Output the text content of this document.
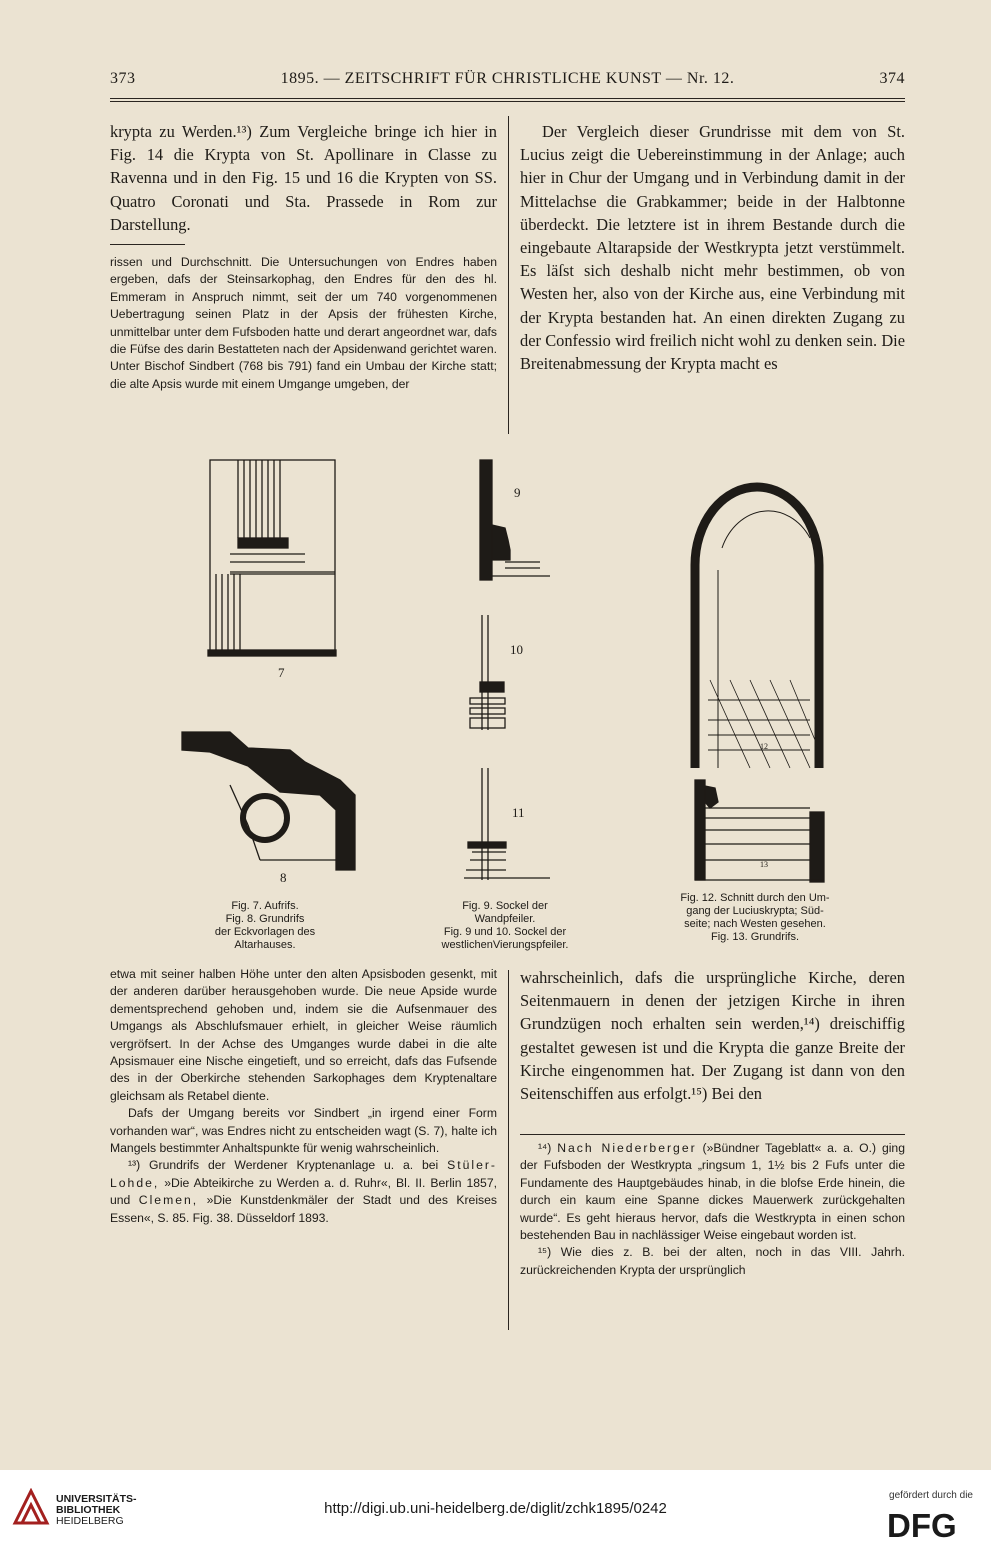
373	1895. — ZEITSCHRIFT FÜR CHRISTLICHE KUNST — Nr. 12.	374

krypta zu Werden.¹³) Zum Vergleiche bringe ich hier in Fig. 14 die Krypta von St. Apollinare in Classe zu Ravenna und in den Fig. 15 und 16 die Krypten von SS. Quatro Coronati und Sta. Prassede in Rom zur Darstellung.

rissen und Durchschnitt. Die Untersuchungen von Endres haben ergeben, dafs der Steinsarkophag, den Endres für den des hl. Emmeram in Anspruch nimmt, seit der um 740 vorgenommenen Uebertragung seinen Platz in der Apsis der frühesten Kirche, unmittelbar unter dem Fufsboden hatte und derart angeordnet war, dafs die Füfse des darin Bestatteten nach der Apsidenwand gerichtet waren. Unter Bischof Sindbert (768 bis 791) fand ein Umbau der Kirche statt; die alte Apsis wurde mit einem Umgange umgeben, der

Der Vergleich dieser Grundrisse mit dem von St. Lucius zeigt die Uebereinstimmung in der Anlage; auch hier in Chur der Umgang und in Verbindung damit in der Mittelachse die Grabkammer; beide in der Halbtonne überdeckt. Die letztere ist in ihrem Bestande durch die eingebaute Altarapside der Westkrypta jetzt verstümmelt. Es läſst sich deshalb nicht mehr bestimmen, ob von Westen her, also von der Kirche aus, eine Verbindung mit der Krypta bestanden hat. An einen direkten Zugang zu der Confessio wird freilich nicht wohl zu denken sein. Die Breitenabmessung der Krypta macht es

7
8
9
10
11
12
13
Fig. 7. Aufrifs.
Fig. 8. Grundrifs
der Eckvorlagen des
Altarhauses.
Fig. 9. Sockel der
Wandpfeiler.
Fig. 9 und 10. Sockel der
westlichenVierungspfeiler.
Fig. 12. Schnitt durch den Um-
gang der Luciuskrypta; Süd-
seite; nach Westen gesehen.
Fig. 13. Grundrifs.

etwa mit seiner halben Höhe unter den alten Apsisboden gesenkt, mit der anderen darüber herausgehoben wurde. Die neue Apside wurde dementsprechend gehoben und, indem sie die Aufsenmauer des Umgangs als Abschlufsmauer erhielt, in gleicher Weise räumlich vergröfsert. In der Achse des Umganges wurde dabei in die alte Apsismauer eine Nische eingetieft, und so erreicht, dafs das Fufsende des in der Oberkirche stehenden Sarkophages dem Kryptenaltare gleichsam als Retabel diente.

Dafs der Umgang bereits vor Sindbert „in irgend einer Form vorhanden war“, was Endres nicht zu entscheiden wagt (S. 7), halte ich Mangels bestimmter Anhaltspunkte für wenig wahrscheinlich.

¹³) Grundrifs der Werdener Kryptenanlage u. a. bei Stüler-Lohde, »Die Abteikirche zu Werden a. d. Ruhr«, Bl. II. Berlin 1857, und Clemen, »Die Kunstdenkmäler der Stadt und des Kreises Essen«, S. 85. Fig. 38. Düsseldorf 1893.

wahrscheinlich, dafs die ursprüngliche Kirche, deren Seitenmauern in denen der jetzigen Kirche in ihren Grundzügen noch erhalten sein werden,¹⁴) dreischiffig gestaltet gewesen ist und die Krypta die ganze Breite der Kirche eingenommen hat. Der Zugang ist dann von den Seitenschiffen aus erfolgt.¹⁵) Bei den

¹⁴) Nach Niederberger (»Bündner Tageblatt« a. a. O.) ging der Fufsboden der Westkrypta „ringsum 1, 1½ bis 2 Fufs unter die Fundamente des Hauptgebäudes hinab, in die blofse Erde hinein, die durch ein kaum eine Spanne dickes Mauerwerk zurückgehalten wurde“. Es geht hieraus hervor, dafs die Westkrypta in einen schon bestehenden Bau in nachlässiger Weise eingebaut worden ist.

¹⁵) Wie dies z. B. bei der alten, noch in das VIII. Jahrh. zurückreichenden Krypta der ursprünglich

UNIVERSITÄTS-
BIBLIOTHEK
HEIDELBERG
http://digi.ub.uni-heidelberg.de/diglit/zchk1895/0242
gefördert durch die
DFG
